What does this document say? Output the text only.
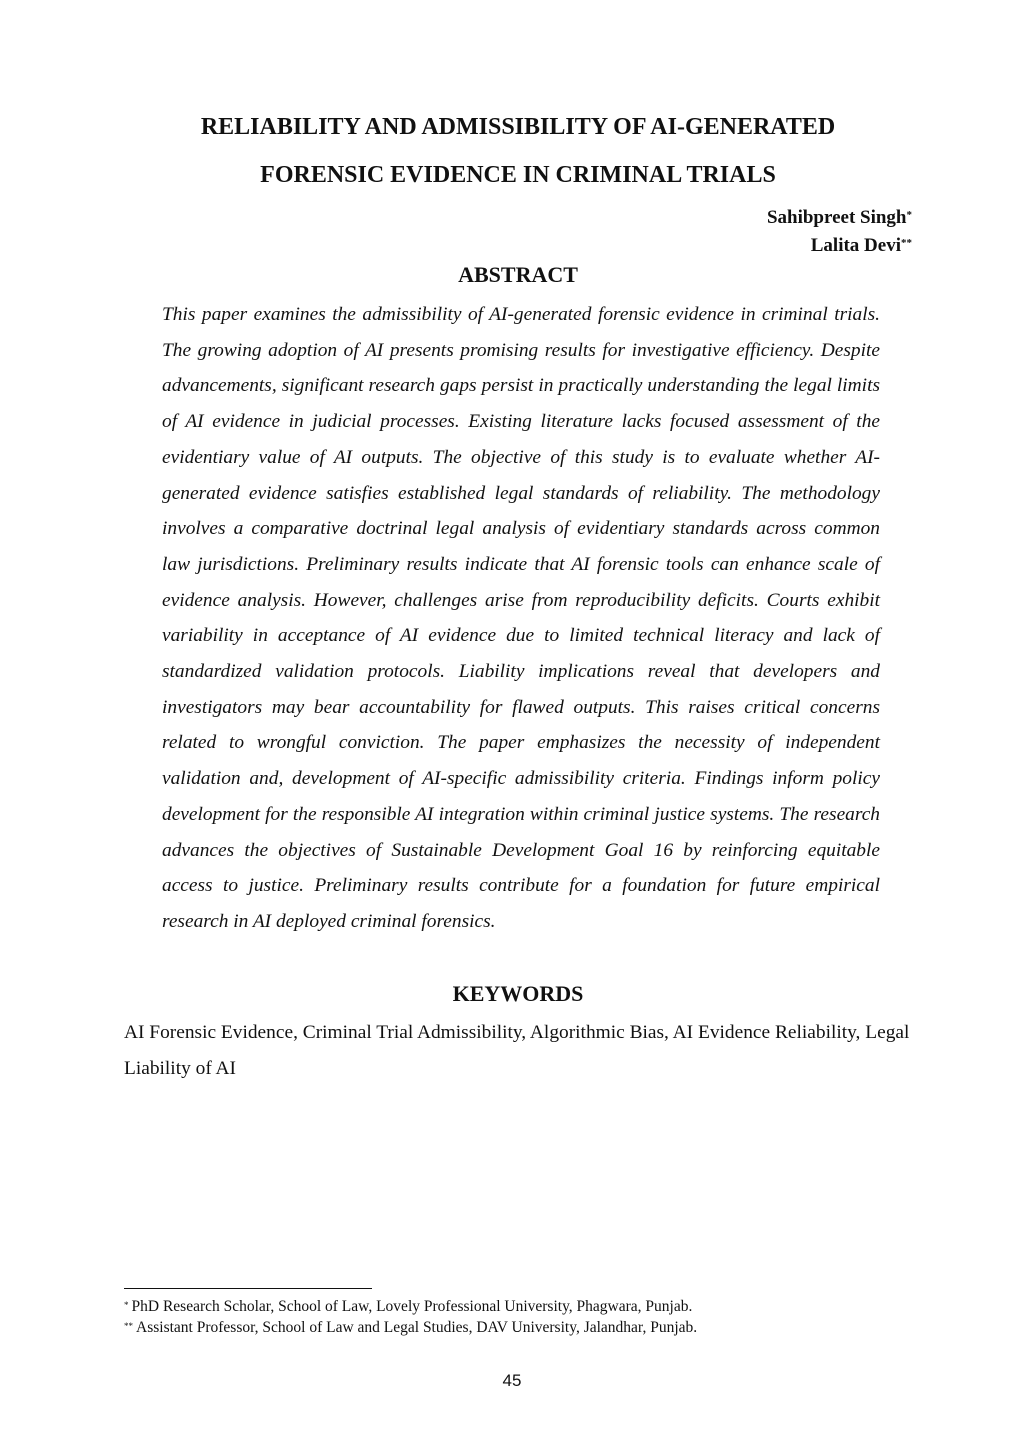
RELIABILITY AND ADMISSIBILITY OF AI-GENERATED
FORENSIC EVIDENCE IN CRIMINAL TRIALS
Sahibpreet Singh*
Lalita Devi**
ABSTRACT

This paper examines the admissibility of AI-generated forensic evidence in criminal trials. The growing adoption of AI presents promising results for investigative efficiency. Despite advancements, significant research gaps persist in practically understanding the legal limits of AI evidence in judicial processes. Existing literature lacks focused assessment of the evidentiary value of AI outputs. The objective of this study is to evaluate whether AI-generated evidence satisfies established legal standards of reliability. The methodology involves a comparative doctrinal legal analysis of evidentiary standards across common law jurisdictions. Preliminary results indicate that AI forensic tools can enhance scale of evidence analysis. However, challenges arise from reproducibility deficits. Courts exhibit variability in acceptance of AI evidence due to limited technical literacy and lack of standardized validation protocols. Liability implications reveal that developers and investigators may bear accountability for flawed outputs. This raises critical concerns related to wrongful conviction. The paper emphasizes the necessity of independent validation and, development of AI-specific admissibility criteria. Findings inform policy development for the responsible AI integration within criminal justice systems. The research advances the objectives of Sustainable Development Goal 16 by reinforcing equitable access to justice. Preliminary results contribute for a foundation for future empirical research in AI deployed criminal forensics.

KEYWORDS

AI Forensic Evidence, Criminal Trial Admissibility, Algorithmic Bias, AI Evidence Reliability, Legal Liability of AI

* PhD Research Scholar, School of Law, Lovely Professional University, Phagwara, Punjab.

** Assistant Professor, School of Law and Legal Studies, DAV University, Jalandhar, Punjab.

45
